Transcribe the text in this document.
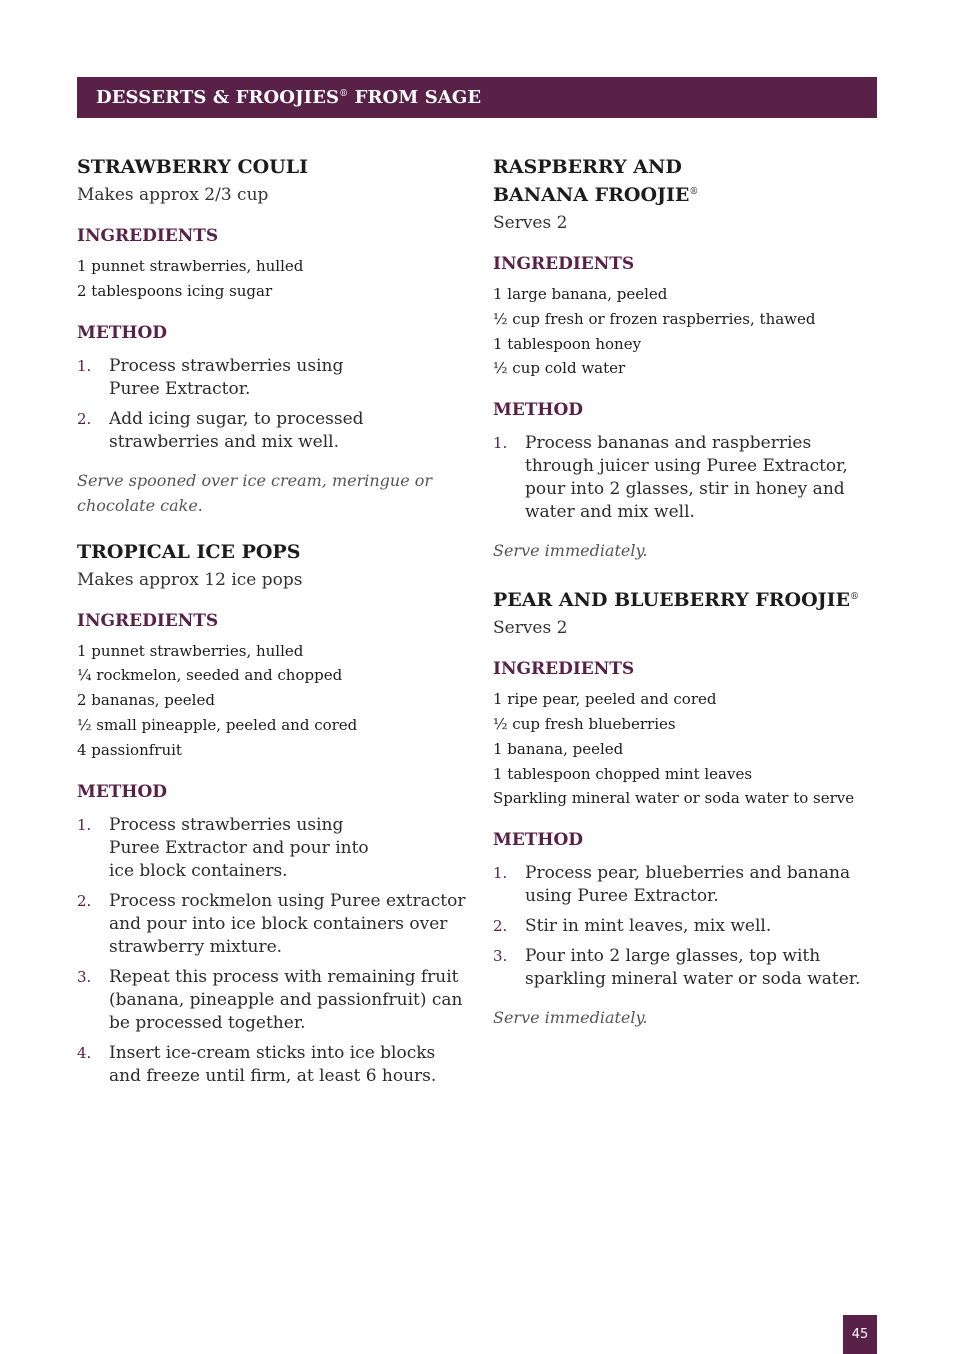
DESSERTS & FROOJIES® FROM SAGE
STRAWBERRY COULI

Makes approx 2/3 cup

INGREDIENTS
1 punnet strawberries, hulled
2 tablespoons icing sugar
METHOD
1.	Process strawberries using Puree Extractor.
2.	Add icing sugar, to processed strawberries and mix well.

Serve spooned over ice cream, meringue or chocolate cake.

TROPICAL ICE POPS

Makes approx 12 ice pops

INGREDIENTS
1 punnet strawberries, hulled
¼ rockmelon, seeded and chopped
2 bananas, peeled
½ small pineapple, peeled and cored
4 passionfruit
METHOD
1.	Process strawberries using Puree Extractor and pour into ice block containers.
2.	Process rockmelon using Puree extractor and pour into ice block containers over strawberry mixture.
3.	Repeat this process with remaining fruit (banana, pineapple and passionfruit) can be processed together.
4.	Insert ice-cream sticks into ice blocks and freeze until firm, at least 6 hours.
RASPBERRY AND
BANANA FROOJIE®

Serves 2

INGREDIENTS
1 large banana, peeled
½ cup fresh or frozen raspberries, thawed
1 tablespoon honey
½ cup cold water
METHOD
1.	Process bananas and raspberries through juicer using Puree Extractor, pour into 2 glasses, stir in honey and water and mix well.

Serve immediately.

PEAR AND BLUEBERRY FROOJIE®

Serves 2

INGREDIENTS
1 ripe pear, peeled and cored
½ cup fresh blueberries
1 banana, peeled
1 tablespoon chopped mint leaves
Sparkling mineral water or soda water to serve
METHOD
1.	Process pear, blueberries and banana using Puree Extractor.
2.	Stir in mint leaves, mix well.
3.	Pour into 2 large glasses, top with sparkling mineral water or soda water.

Serve immediately.

45
